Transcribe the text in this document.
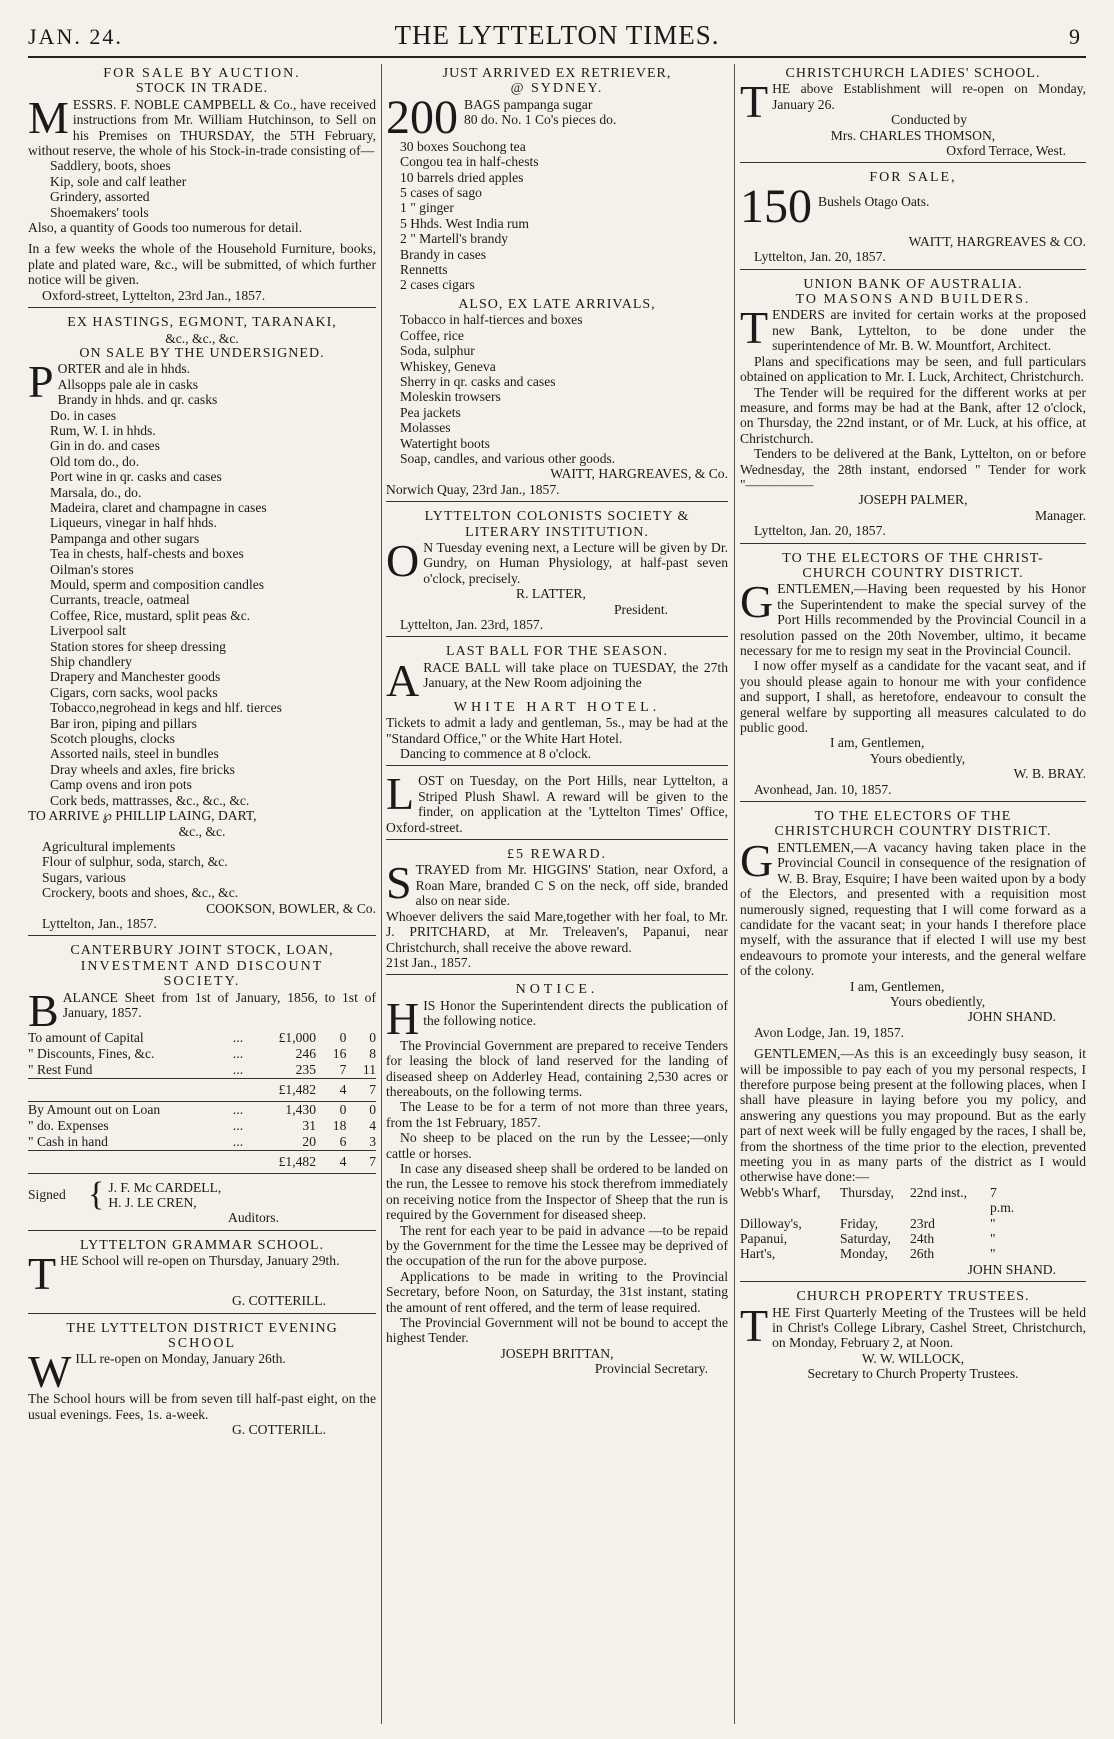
JAN. 24.	THE LYTTELTON TIMES.	9
FOR SALE BY AUCTION.
STOCK IN TRADE.

MESSRS. F. NOBLE CAMPBELL & Co., have received instructions from Mr. William Hutchinson, to Sell on his Premises on THURSDAY, the 5TH February, without reserve, the whole of his Stock-in-trade consisting of—

Saddlery, boots, shoes
Kip, sole and calf leather
Grindery, assorted
Shoemakers' tools

Also, a quantity of Goods too numerous for detail.

In a few weeks the whole of the Household Furniture, books, plate and plated ware, &c., will be submitted, of which further notice will be given.

Oxford-street, Lyttelton, 23rd Jan., 1857.
EX HASTINGS, EGMONT, TARANAKI,
&c., &c., &c.
ON SALE BY THE UNDERSIGNED.
PORTER and ale in hhds.
Allsopps pale ale in casks
Brandy in hhds. and qr. casks
Do. in cases
Rum, W. I. in hhds.
Gin in do. and cases
Old tom do., do.
Port wine in qr. casks and cases
Marsala, do., do.
Madeira, claret and champagne in cases
Liqueurs, vinegar in half hhds.
Pampanga and other sugars
Tea in chests, half-chests and boxes
Oilman's stores
Mould, sperm and composition candles
Currants, treacle, oatmeal
Coffee, Rice, mustard, split peas &c.
Liverpool salt
Station stores for sheep dressing
Ship chandlery
Drapery and Manchester goods
Cigars, corn sacks, wool packs
Tobacco,negrohead in kegs and hlf. tierces
Bar iron, piping and pillars
Scotch ploughs, clocks
Assorted nails, steel in bundles
Dray wheels and axles, fire bricks
Camp ovens and iron pots
Cork beds, mattrasses, &c., &c., &c.
TO ARRIVE ℘ PHILLIP LAING, DART,
&c., &c.
Agricultural implements
Flour of sulphur, soda, starch, &c.
Sugars, various
Crockery, boots and shoes, &c., &c.
COOKSON, BOWLER, & Co.
Lyttelton, Jan., 1857.
CANTERBURY JOINT STOCK, LOAN,
INVESTMENT AND DISCOUNT
SOCIETY.

BALANCE Sheet from 1st of January, 1856, to 1st of January, 1857.

To amount of Capital	...	£1,000	0	0
" Discounts, Fines, &c.	...	246	16	8
" Rest Fund	...	235	7	11
		£1,482	4	7
By Amount out on Loan	...	1,430	0	0
" do. Expenses	...	31	18	4
" Cash in hand	...	20	6	3
		£1,482	4	7
Signed { J. F. Mc CARDELL,
H. J. LE CREN,
Auditors.
LYTTELTON GRAMMAR SCHOOL.

THE School will re-open on Thursday, January 29th.

G. COTTERILL.
THE LYTTELTON DISTRICT EVENING
SCHOOL

WILL re-open on Monday, January 26th.

The School hours will be from seven till half-past eight, on the usual evenings. Fees, 1s. a-week.

G. COTTERILL.
JUST ARRIVED EX RETRIEVER,
@ SYDNEY.
200 BAGS pampanga sugar
80 do. No. 1 Co's pieces do.
30 boxes Souchong tea
Congou tea in half-chests
10 barrels dried apples
5 cases of sago
1 " ginger
5 Hhds. West India rum
2 " Martell's brandy
Brandy in cases
Rennetts
2 cases cigars
ALSO, EX LATE ARRIVALS,
Tobacco in half-tierces and boxes
Coffee, rice
Soda, sulphur
Whiskey, Geneva
Sherry in qr. casks and cases
Moleskin trowsers
Pea jackets
Molasses
Watertight boots
Soap, candles, and various other goods.
WAITT, HARGREAVES, & Co.
Norwich Quay, 23rd Jan., 1857.
LYTTELTON COLONISTS SOCIETY &
LITERARY INSTITUTION.

O N Tuesday evening next, a Lecture will be given by Dr. Gundry, on Human Physiology, at half-past seven o'clock, precisely.

R. LATTER,
President.
Lyttelton, Jan. 23rd, 1857.
LAST BALL FOR THE SEASON.

ARACE BALL will take place on TUESDAY, the 27th January, at the New Room adjoining the

WHITE HART HOTEL.

Tickets to admit a lady and gentleman, 5s., may be had at the "Standard Office," or the White Hart Hotel.

Dancing to commence at 8 o'clock.

LOST on Tuesday, on the Port Hills, near Lyttelton, a Striped Plush Shawl. A reward will be given to the finder, on application at the 'Lyttelton Times' Office, Oxford-street.

£5 REWARD.

STRAYED from Mr. HIGGINS' Station, near Oxford, a Roan Mare, branded C S on the neck, off side, branded also on near side.

Whoever delivers the said Mare,together with her foal, to Mr. J. PRITCHARD, at Mr. Treleaven's, Papanui, near Christchurch, shall receive the above reward.

21st Jan., 1857.
NOTICE.

HIS Honor the Superintendent directs the publication of the following notice.

The Provincial Government are prepared to receive Tenders for leasing the block of land reserved for the landing of diseased sheep on Adderley Head, containing 2,530 acres or thereabouts, on the following terms.

The Lease to be for a term of not more than three years, from the 1st February, 1857.

No sheep to be placed on the run by the Lessee;—only cattle or horses.

In case any diseased sheep shall be ordered to be landed on the run, the Lessee to remove his stock therefrom immediately on receiving notice from the Inspector of Sheep that the run is required by the Government for diseased sheep.

The rent for each year to be paid in advance —to be repaid by the Government for the time the Lessee may be deprived of the occupation of the run for the above purpose.

Applications to be made in writing to the Provincial Secretary, before Noon, on Saturday, the 31st instant, stating the amount of rent offered, and the term of lease required.

The Provincial Government will not be bound to accept the highest Tender.

JOSEPH BRITTAN,
Provincial Secretary.
CHRISTCHURCH LADIES' SCHOOL.

THE above Establishment will re-open on Monday, January 26.

Conducted by
Mrs. CHARLES THOMSON,
Oxford Terrace, West.
FOR SALE,
150 Bushels Otago Oats.
WAITT, HARGREAVES & CO.
Lyttelton, Jan. 20, 1857.
UNION BANK OF AUSTRALIA.
TO MASONS AND BUILDERS.

TENDERS are invited for certain works at the proposed new Bank, Lyttelton, to be done under the superintendence of Mr. B. W. Mountfort, Architect.

Plans and specifications may be seen, and full particulars obtained on application to Mr. I. Luck, Architect, Christchurch.

The Tender will be required for the different works at per measure, and forms may be had at the Bank, after 12 o'clock, on Thursday, the 22nd instant, or of Mr. Luck, at his office, at Christchurch.

Tenders to be delivered at the Bank, Lyttelton, on or before Wednesday, the 28th instant, endorsed " Tender for work "—————

JOSEPH PALMER,
Manager.
Lyttelton, Jan. 20, 1857.
TO THE ELECTORS OF THE CHRIST-
CHURCH COUNTRY DISTRICT.

GENTLEMEN,—Having been requested by his Honor the Superintendent to make the special survey of the Port Hills recommended by the Provincial Council in a resolution passed on the 20th November, ultimo, it became necessary for me to resign my seat in the Provincial Council.

I now offer myself as a candidate for the vacant seat, and if you should please again to honour me with your confidence and support, I shall, as heretofore, endeavour to consult the general welfare by supporting all measures calculated to do public good.

I am, Gentlemen,
Yours obediently,
W. B. BRAY.
Avonhead, Jan. 10, 1857.
TO THE ELECTORS OF THE
CHRISTCHURCH COUNTRY DISTRICT.

GENTLEMEN,—A vacancy having taken place in the Provincial Council in consequence of the resignation of W. B. Bray, Esquire; I have been waited upon by a body of the Electors, and presented with a requisition most numerously signed, requesting that I will come forward as a candidate for the vacant seat; in your hands I therefore place myself, with the assurance that if elected I will use my best endeavours to promote your interests, and the general welfare of the colony.

I am, Gentlemen,
Yours obediently,
JOHN SHAND.
Avon Lodge, Jan. 19, 1857.

GENTLEMEN,—As this is an exceedingly busy season, it will be impossible to pay each of you my personal respects, I therefore purpose being present at the following places, when I shall have pleasure in laying before you my policy, and answering any questions you may propound. But as the early part of next week will be fully engaged by the races, I shall be, from the shortness of the time prior to the election, prevented meeting you in as many parts of the district as I would otherwise have done:—

Webb's Wharf,	Thursday,	22nd inst.,	7 p.m.
Dilloway's,	Friday,	23rd	"
Papanui,	Saturday,	24th	"
Hart's,	Monday,	26th	"
JOHN SHAND.
CHURCH PROPERTY TRUSTEES.

THE First Quarterly Meeting of the Trustees will be held in Christ's College Library, Cashel Street, Christchurch, on Monday, February 2, at Noon.

W. W. WILLOCK,
Secretary to Church Property Trustees.
